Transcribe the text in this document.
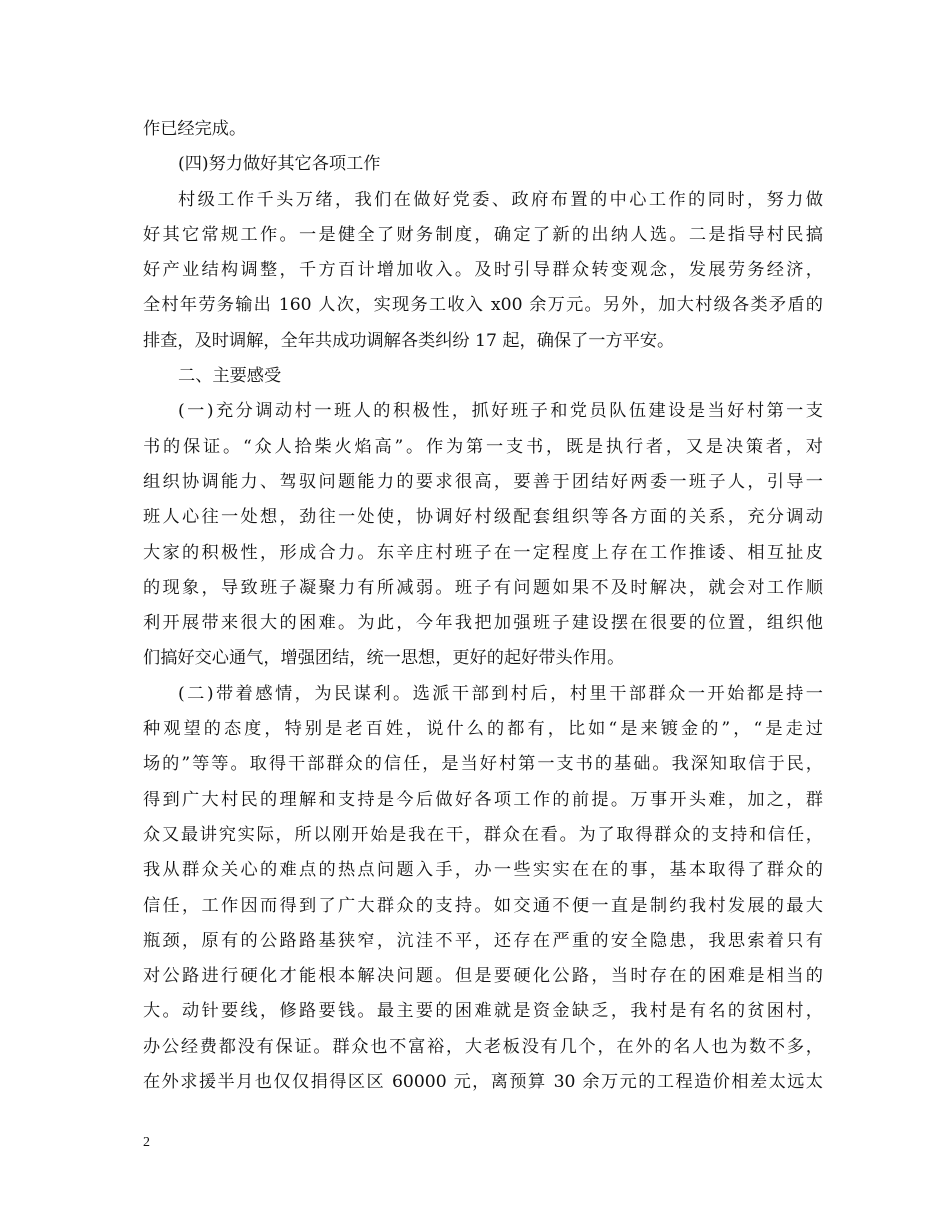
作已经完成。
(四)努力做好其它各项工作
村级工作千头万绪，我们在做好党委、政府布置的中心工作的同时，努力做
好其它常规工作。一是健全了财务制度，确定了新的出纳人选。二是指导村民搞
好产业结构调整，千方百计增加收入。及时引导群众转变观念，发展劳务经济，
全村年劳务输出 160 人次，实现务工收入 x00 余万元。另外，加大村级各类矛盾的
排查，及时调解，全年共成功调解各类纠纷 17 起，确保了一方平安。
二、主要感受
(一)充分调动村一班人的积极性，抓好班子和党员队伍建设是当好村第一支
书的保证。“众人拾柴火焰高”。作为第一支书，既是执行者，又是决策者，对
组织协调能力、驾驭问题能力的要求很高，要善于团结好两委一班子人，引导一
班人心往一处想，劲往一处使，协调好村级配套组织等各方面的关系，充分调动
大家的积极性，形成合力。东辛庄村班子在一定程度上存在工作推诿、相互扯皮
的现象，导致班子凝聚力有所减弱。班子有问题如果不及时解决，就会对工作顺
利开展带来很大的困难。为此，今年我把加强班子建设摆在很要的位置，组织他
们搞好交心通气，增强团结，统一思想，更好的起好带头作用。
(二)带着感情，为民谋利。选派干部到村后，村里干部群众一开始都是持一
种观望的态度，特别是老百姓，说什么的都有，比如“是来镀金的”，“是走过
场的”等等。取得干部群众的信任，是当好村第一支书的基础。我深知取信于民，
得到广大村民的理解和支持是今后做好各项工作的前提。万事开头难，加之，群
众又最讲究实际，所以刚开始是我在干，群众在看。为了取得群众的支持和信任，
我从群众关心的难点的热点问题入手，办一些实实在在的事，基本取得了群众的
信任，工作因而得到了广大群众的支持。如交通不便一直是制约我村发展的最大
瓶颈，原有的公路路基狭窄，沆洼不平，还存在严重的安全隐患，我思索着只有
对公路进行硬化才能根本解决问题。但是要硬化公路，当时存在的困难是相当的
大。动针要线，修路要钱。最主要的困难就是资金缺乏，我村是有名的贫困村，
办公经费都没有保证。群众也不富裕，大老板没有几个，在外的名人也为数不多，
在外求援半月也仅仅捐得区区 60000 元，离预算 30 余万元的工程造价相差太远太
2
